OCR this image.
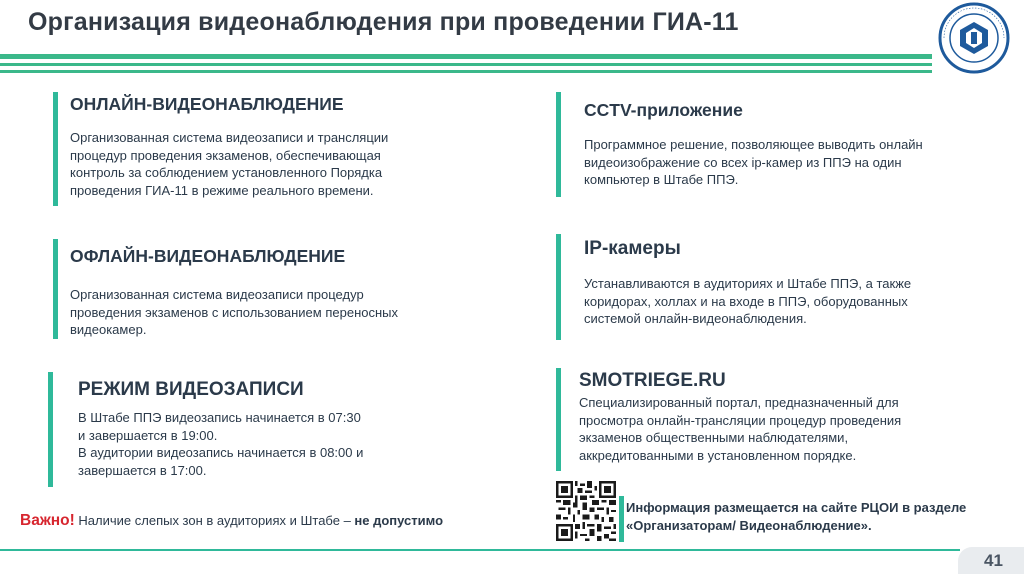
Организация видеонаблюдения при проведении ГИА-11
ОНЛАЙН-ВИДЕОНАБЛЮДЕНИЕ

Организованная система видеозаписи и трансляции
процедур проведения экзаменов, обеспечивающая
контроль за соблюдением установленного Порядка
проведения ГИА-11 в режиме реального времени.

ОФЛАЙН-ВИДЕОНАБЛЮДЕНИЕ

Организованная система видеозаписи процедур
проведения экзаменов с использованием переносных
видеокамер.

РЕЖИМ ВИДЕОЗАПИСИ

В Штабе ППЭ видеозапись начинается в 07:30
и завершается в 19:00.
В аудитории видеозапись начинается в 08:00 и
завершается в 17:00.

CCTV-приложение

Программное решение, позволяющее выводить онлайн
видеоизображение со всех ip-камер из ППЭ на один
компьютер в Штабе ППЭ.

IP-камеры

Устанавливаются в аудиториях и Штабе ППЭ, а также
коридорах, холлах и на входе в ППЭ, оборудованных
системой онлайн-видеонаблюдения.

SMOTRIEGE.RU

Специализированный портал, предназначенный для
просмотра онлайн-трансляции процедур проведения
экзаменов общественными наблюдателями,
аккредитованными в установленном порядке.

Важно! Наличие слепых зон в аудиториях и Штабе – не допустимо
Информация размещается на сайте РЦОИ в разделе
«Организаторам/ Видеонаблюдение».
41
